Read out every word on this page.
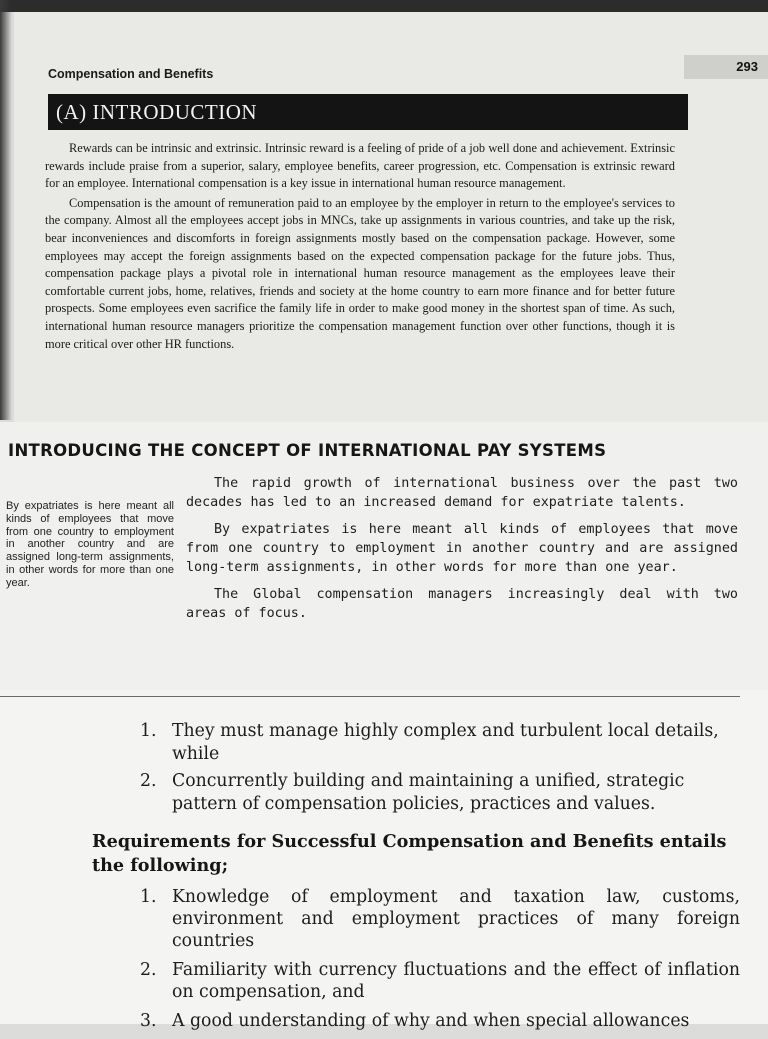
Compensation and Benefits	293
(A) INTRODUCTION

Rewards can be intrinsic and extrinsic. Intrinsic reward is a feeling of pride of a job well done and achievement. Extrinsic rewards include praise from a superior, salary, employee benefits, career progression, etc. Compensation is extrinsic reward for an employee. International compensation is a key issue in international human resource management.

Compensation is the amount of remuneration paid to an employee by the employer in return to the employee's services to the company. Almost all the employees accept jobs in MNCs, take up assignments in various countries, and take up the risk, bear inconveniences and discomforts in foreign assignments mostly based on the compensation package. However, some employees may accept the foreign assignments based on the expected compensation package for the future jobs. Thus, compensation package plays a pivotal role in international human resource management as the employees leave their comfortable current jobs, home, relatives, friends and society at the home country to earn more finance and for better future prospects. Some employees even sacrifice the family life in order to make good money in the shortest span of time. As such, international human resource managers prioritize the compensation management function over other functions, though it is more critical over other HR functions.

INTRODUCING THE CONCEPT OF INTERNATIONAL PAY SYSTEMS
By expatriates is here meant all kinds of employees that move from one country to employment in another country and are assigned long-term assignments, in other words for more than one year.

The rapid growth of international business over the past two decades has led to an increased demand for expatriate talents.

By expatriates is here meant all kinds of employees that move from one country to employment in another country and are assigned long-term assignments, in other words for more than one year.

The Global compensation managers increasingly deal with two areas of focus.

1. They must manage highly complex and turbulent local details, while
2. Concurrently building and maintaining a unified, strategic pattern of compensation policies, practices and values.
Requirements for Successful Compensation and Benefits entails the following;
1. Knowledge of employment and taxation law, customs, environment and employment practices of many foreign countries
2. Familiarity with currency fluctuations and the effect of inflation on compensation, and
3. A good understanding of why and when special allowances
